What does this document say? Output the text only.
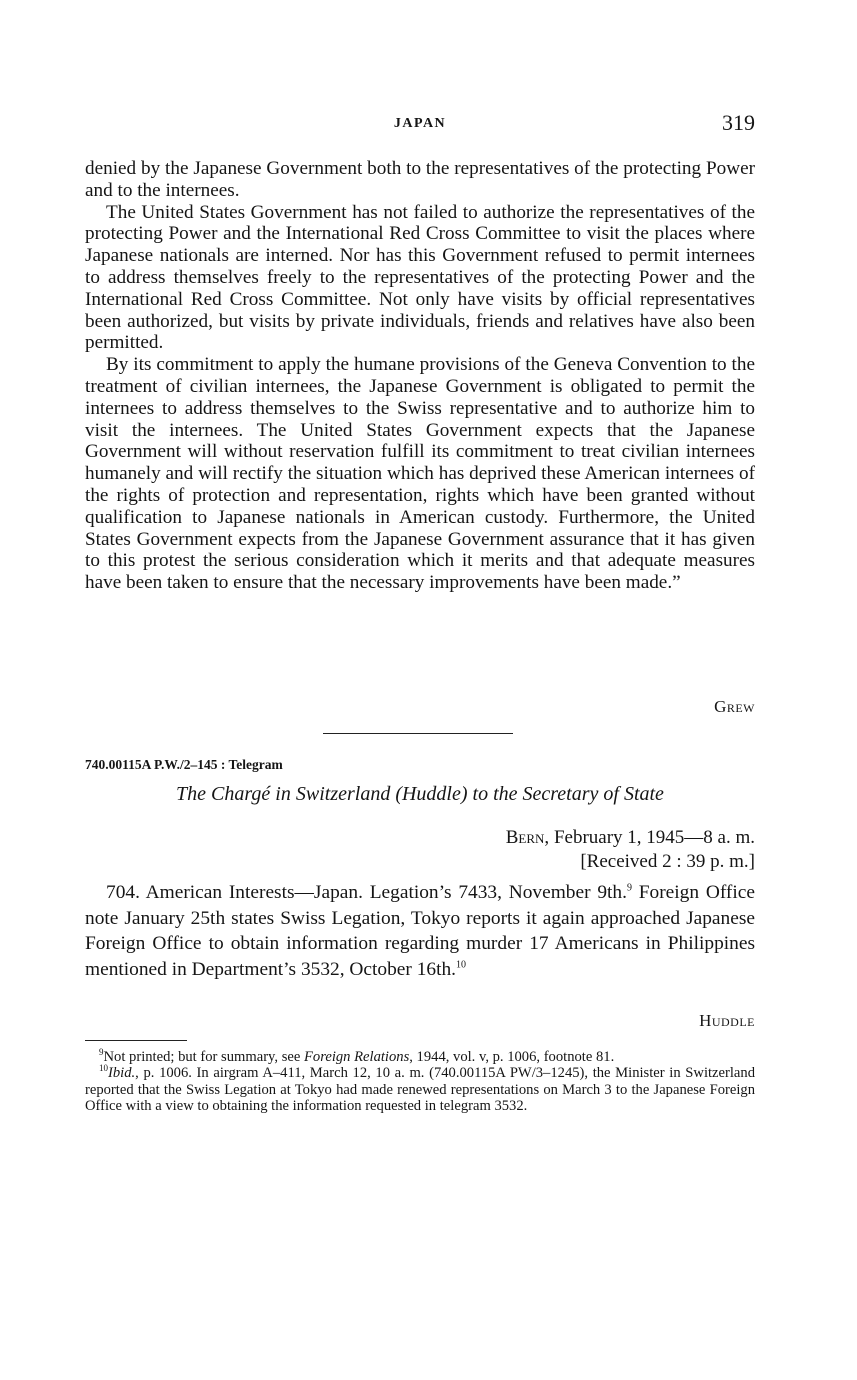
JAPAN	319

denied by the Japanese Government both to the representatives of the protecting Power and to the internees.

The United States Government has not failed to authorize the representatives of the protecting Power and the International Red Cross Committee to visit the places where Japanese nationals are interned. Nor has this Government refused to permit internees to address themselves freely to the representatives of the protecting Power and the International Red Cross Committee. Not only have visits by official representatives been authorized, but visits by private individuals, friends and relatives have also been permitted.

By its commitment to apply the humane provisions of the Geneva Convention to the treatment of civilian internees, the Japanese Government is obligated to permit the internees to address themselves to the Swiss representative and to authorize him to visit the internees. The United States Government expects that the Japanese Government will without reservation fulfill its commitment to treat civilian internees humanely and will rectify the situation which has deprived these American internees of the rights of protection and representation, rights which have been granted without qualification to Japanese nationals in American custody. Furthermore, the United States Government expects from the Japanese Government assurance that it has given to this protest the serious consideration which it merits and that adequate measures have been taken to ensure that the necessary improvements have been made.”

Grew
740.00115A P.W./2–145 : Telegram
The Chargé in Switzerland (Huddle) to the Secretary of State
Bern, February 1, 1945—8 a. m.
[Received 2 : 39 p. m.]

704. American Interests—Japan. Legation’s 7433, November 9th.$^9$ Foreign Office note January 25th states Swiss Legation, Tokyo reports it again approached Japanese Foreign Office to obtain information regarding murder 17 Americans in Philippines mentioned in Department’s 3532, October 16th.$^{10}$

Huddle

$^9$Not printed; but for summary, see Foreign Relations, 1944, vol. v, p. 1006, footnote 81.

$^{10}$Ibid., p. 1006. In airgram A–411, March 12, 10 a. m. (740.00115A PW/3–1245), the Minister in Switzerland reported that the Swiss Legation at Tokyo had made renewed representations on March 3 to the Japanese Foreign Office with a view to obtaining the information requested in telegram 3532.
